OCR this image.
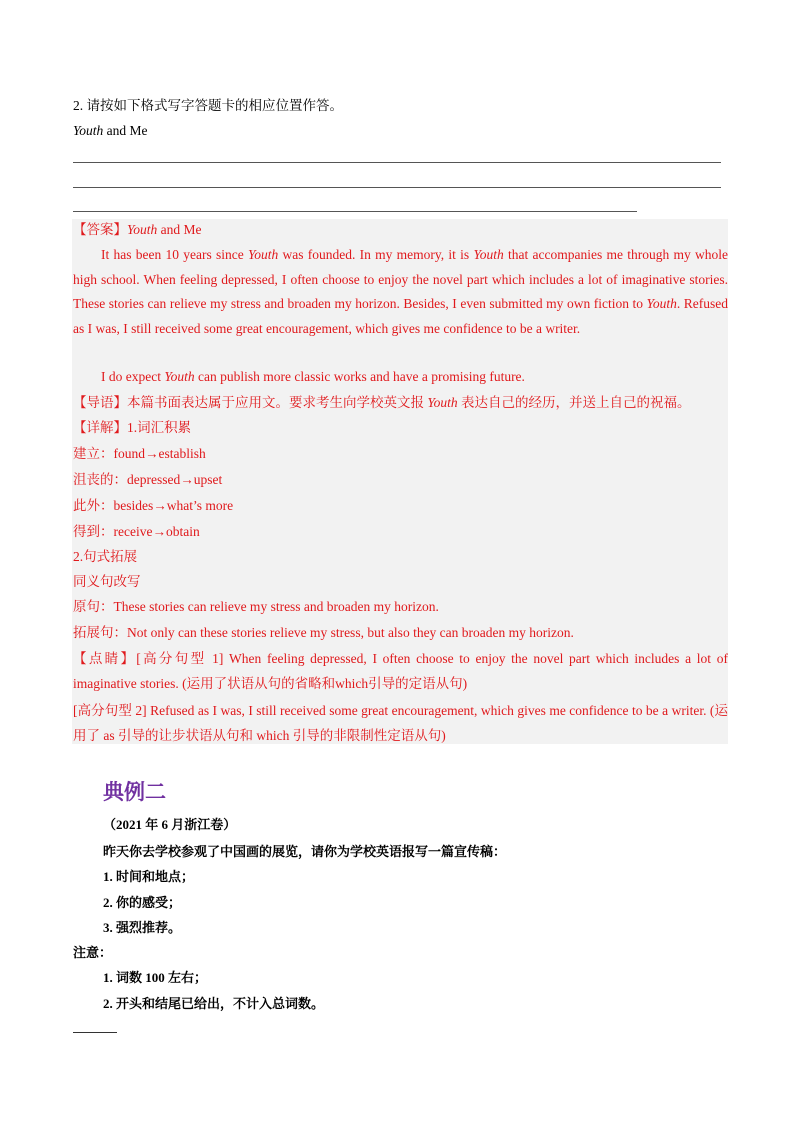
2. 请按如下格式写字答题卡的相应位置作答。
Youth and Me
【答案】Youth and Me
It has been 10 years since Youth was founded. In my memory, it is Youth that accompanies me through my whole high school. When feeling depressed, I often choose to enjoy the novel part which includes a lot of imaginative stories. These stories can relieve my stress and broaden my horizon. Besides, I even submitted my own fiction to Youth. Refused as I was, I still received some great encouragement, which gives me confidence to be a writer.
I do expect Youth can publish more classic works and have a promising future.
【导语】本篇书面表达属于应用文。要求考生向学校英文报 Youth 表达自己的经历，并送上自己的祝福。
【详解】1.词汇积累
建立：found→establish
沮丧的：depressed→upset
此外：besides→what’s more
得到：receive→obtain
2.句式拓展
同义句改写
原句：These stories can relieve my stress and broaden my horizon.
拓展句：Not only can these stories relieve my stress, but also they can broaden my horizon.
【点睛】[高分句型 1] When feeling depressed, I often choose to enjoy the novel part which includes a lot of imaginative stories. (运用了状语从句的省略和which引导的定语从句)
[高分句型 2] Refused as I was, I still received some great encouragement, which gives me confidence to be a writer. (运用了 as 引导的让步状语从句和 which 引导的非限制性定语从句)
典例二
（2021 年 6 月浙江卷）
昨天你去学校参观了中国画的展览，请你为学校英语报写一篇宣传稿：
1. 时间和地点；
2. 你的感受；
3. 强烈推荐。
注意：
1. 词数 100 左右；
2. 开头和结尾已给出，不计入总词数。
